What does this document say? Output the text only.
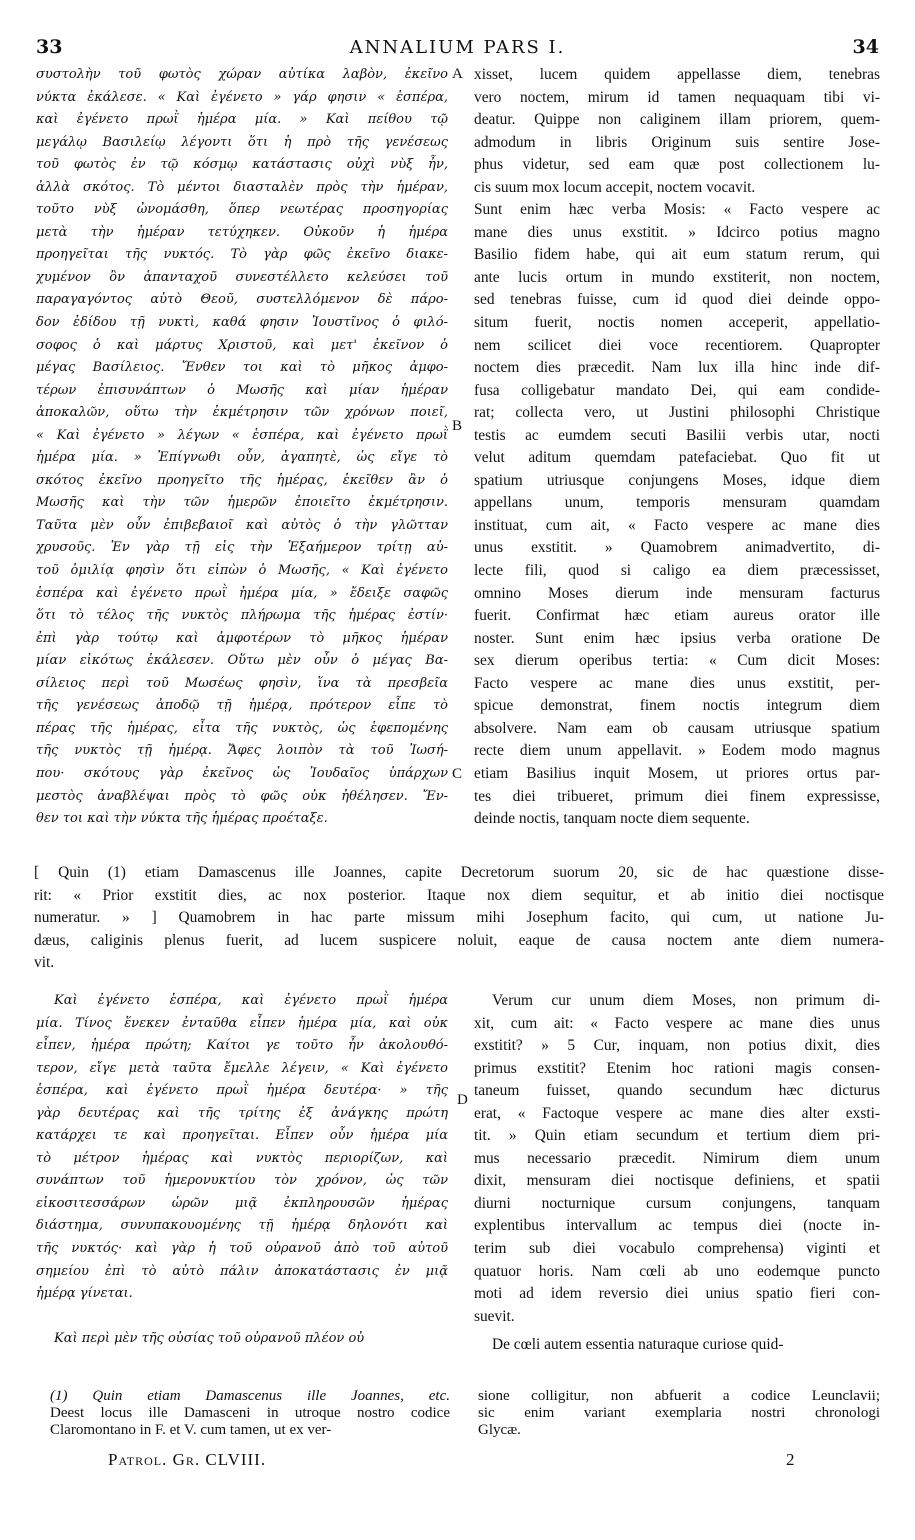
33	ANNALIUM PARS I.	34
συστολὴν τοῦ φωτὸς χώραν αὐτίκα λαβὸν, ἐκεῖνο
νύκτα ἐκάλεσε. « Καὶ ἐγένετο » γάρ φησιν « ἑσπέρα,
καὶ ἐγένετο πρωῒ ἡμέρα μία. » Καὶ πείθου τῷ
μεγάλῳ Βασιλείῳ λέγοντι ὅτι ἡ πρὸ τῆς γενέσεως
τοῦ φωτὸς ἐν τῷ κόσμῳ κατάστασις οὐχὶ νὺξ ἦν,
ἀλλὰ σκότος. Τὸ μέντοι διασταλὲν πρὸς τὴν ἡμέραν,
τοῦτο νὺξ ὠνομάσθη, ὅπερ νεωτέρας προσηγορίας
μετὰ τὴν ἡμέραν τετύχηκεν. Οὐκοῦν ἡ ἡμέρα
προηγεῖται τῆς νυκτός. Τὸ γὰρ φῶς ἐκεῖνο διακε-
χυμένον ὂν ἁπανταχοῦ συνεστέλλετο κελεύσει τοῦ
παραγαγόντος αὐτὸ Θεοῦ, συστελλόμενον δὲ πάρο-
δον ἐδίδου τῇ νυκτὶ, καθά φησιν Ἰουστῖνος ὁ φιλό-
σοφος ὁ καὶ μάρτυς Χριστοῦ, καὶ μετ' ἐκεῖνον ὁ
μέγας Βασίλειος. Ἔνθεν τοι καὶ τὸ μῆκος ἀμφο-
τέρων ἐπισυνάπτων ὁ Μωσῆς καὶ μίαν ἡμέραν
ἀποκαλῶν, οὕτω τὴν ἐκμέτρησιν τῶν χρόνων ποιεῖ,
« Καὶ ἐγένετο » λέγων « ἑσπέρα, καὶ ἐγένετο πρωῒ
ἡμέρα μία. » Ἐπίγνωθι οὖν, ἀγαπητὲ, ὡς εἴγε τὸ
σκότος ἐκεῖνο προηγεῖτο τῆς ἡμέρας, ἐκεῖθεν ἂν ὁ
Μωσῆς καὶ τὴν τῶν ἡμερῶν ἐποιεῖτο ἐκμέτρησιν.
Ταῦτα μὲν οὖν ἐπιβεβαιοῖ καὶ αὐτὸς ὁ τὴν γλῶτταν
χρυσοῦς. Ἐν γὰρ τῇ εἰς τὴν Ἑξαήμερον τρίτῃ αὐ-
τοῦ ὁμιλίᾳ φησὶν ὅτι εἰπὼν ὁ Μωσῆς, « Καὶ ἐγένετο
ἑσπέρα καὶ ἐγένετο πρωῒ ἡμέρα μία, » ἔδειξε σαφῶς
ὅτι τὸ τέλος τῆς νυκτὸς πλήρωμα τῆς ἡμέρας ἐστίν·
ἐπὶ γὰρ τούτῳ καὶ ἀμφοτέρων τὸ μῆκος ἡμέραν
μίαν εἰκότως ἐκάλεσεν. Οὕτω μὲν οὖν ὁ μέγας Βα-
σίλειος περὶ τοῦ Μωσέως φησὶν, ἵνα τὰ πρεσβεῖα
τῆς γενέσεως ἀποδῷ τῇ ἡμέρᾳ, πρότερον εἶπε τὸ
πέρας τῆς ἡμέρας, εἶτα τῆς νυκτὸς, ὡς ἑφεπομένης
τῆς νυκτὸς τῇ ἡμέρᾳ. Ἄφες λοιπὸν τὰ τοῦ Ἰωσή-
που· σκότους γὰρ ἐκεῖνος ὡς Ἰουδαῖος ὑπάρχων
μεστὸς ἀναβλέψαι πρὸς τὸ φῶς οὐκ ἠθέλησεν. Ἔν-
θεν τοι καὶ τὴν νύκτα τῆς ἡμέρας προέταξε.
xisset, lucem quidem appellasse diem, tenebras
vero noctem, mirum id tamen nequaquam tibi vi-
deatur. Quippe non caliginem illam priorem, quem-
admodum in libris Originum suis sentire Jose-
phus videtur, sed eam quæ post collectionem lu-
cis suum mox locum accepit, noctem vocavit.
Sunt enim hæc verba Mosis: « Facto vespere ac
mane dies unus exstitit. » Idcirco potius magno
Basilio fidem habe, qui ait eum statum rerum, qui
ante lucis ortum in mundo exstiterit, non noctem,
sed tenebras fuisse, cum id quod diei deinde oppo-
situm fuerit, noctis nomen acceperit, appellatio-
nem scilicet diei voce recentiorem. Quapropter
noctem dies præcedit. Nam lux illa hinc inde dif-
fusa colligebatur mandato Dei, qui eam condide-
rat; collecta vero, ut Justini philosophi Christique
testis ac eumdem secuti Basilii verbis utar, nocti
velut aditum quemdam patefaciebat. Quo fit ut
spatium utriusque conjungens Moses, idque diem
appellans unum, temporis mensuram quamdam
instituat, cum ait, « Facto vespere ac mane dies
unus exstitit. » Quamobrem animadvertito, di-
lecte fili, quod si caligo ea diem præcessisset,
omnino Moses dierum inde mensuram facturus
fuerit. Confirmat hæc etiam aureus orator ille
noster. Sunt enim hæc ipsius verba oratione De
sex dierum operibus tertia: « Cum dicit Moses:
Facto vespere ac mane dies unus exstitit, per-
spicue demonstrat, finem noctis integrum diem
absolvere. Nam eam ob causam utriusque spatium
recte diem unum appellavit. » Eodem modo magnus
etiam Basilius inquit Mosem, ut priores ortus par-
tes diei tribueret, primum diei finem expressisse,
deinde noctis, tanquam nocte diem sequente.
A
B
C
D
[ Quin (1) etiam Damascenus ille Joannes, capite Decretorum suorum 20, sic de hac quæstione disse-
rit: « Prior exstitit dies, ac nox posterior. Itaque nox diem sequitur, et ab initio diei noctisque
numeratur. » ] Quamobrem in hac parte missum mihi Josephum facito, qui cum, ut natione Ju-
dæus, caliginis plenus fuerit, ad lucem suspicere noluit, eaque de causa noctem ante diem numera-
vit.
Καὶ ἐγένετο ἑσπέρα, καὶ ἐγένετο πρωῒ ἡμέρα
μία. Τίνος ἕνεκεν ἐνταῦθα εἶπεν ἡμέρα μία, καὶ οὐκ
εἶπεν, ἡμέρα πρώτη; Καίτοι γε τοῦτο ἦν ἀκολουθό-
τερον, εἴγε μετὰ ταῦτα ἔμελλε λέγειν, « Καὶ ἐγένετο
ἑσπέρα, καὶ ἐγένετο πρωῒ ἡμέρα δευτέρα· » τῆς
γὰρ δευτέρας καὶ τῆς τρίτης ἐξ ἀνάγκης πρώτη
κατάρχει τε καὶ προηγεῖται. Εἶπεν οὖν ἡμέρα μία
τὸ μέτρον ἡμέρας καὶ νυκτὸς περιορίζων, καὶ
συνάπτων τοῦ ἡμερονυκτίου τὸν χρόνον, ὡς τῶν
εἰκοσιτεσσάρων ὡρῶν μιᾷ ἐκπληρουσῶν ἡμέρας
διάστημα, συνυπακουομένης τῇ ἡμέρᾳ δηλονότι καὶ
τῆς νυκτός· καὶ γὰρ ἡ τοῦ οὐρανοῦ ἀπὸ τοῦ αὐτοῦ
σημείου ἐπὶ τὸ αὐτὸ πάλιν ἀποκατάστασις ἐν μιᾷ
ἡμέρᾳ γίνεται.
Καὶ περὶ μὲν τῆς οὐσίας τοῦ οὐρανοῦ πλέον οὐ
Verum cur unum diem Moses, non primum di-
xit, cum ait: « Facto vespere ac mane dies unus
exstitit? » 5 Cur, inquam, non potius dixit, dies
primus exstitit? Etenim hoc rationi magis consen-
taneum fuisset, quando secundum hæc dicturus
erat, « Factoque vespere ac mane dies alter exsti-
tit. » Quin etiam secundum et tertium diem pri-
mus necessario præcedit. Nimirum diem unum
dixit, mensuram diei noctisque definiens, et spatii
diurni nocturnique cursum conjungens, tanquam
explentibus intervallum ac tempus diei (nocte in-
terim sub diei vocabulo comprehensa) viginti et
quatuor horis. Nam cœli ab uno eodemque puncto
moti ad idem reversio diei unius spatio fieri con-
suevit.
De cœli autem essentia naturaque curiose quid-
(1) Quin etiam Damascenus ille Joannes, etc.
Deest locus ille Damasceni in utroque nostro codice
Claromontano in F. et V. cum tamen, ut ex ver-
sione colligitur, non abfuerit a codice Leunclavii;
sic enim variant exemplaria nostri chronologi
Glycæ.
Patrol. Gr. CLVIII.	2
